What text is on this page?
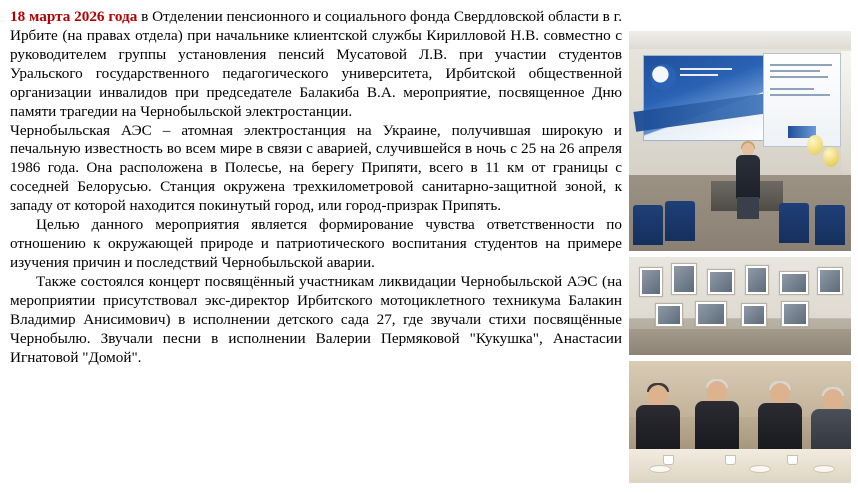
18 марта 2026 года в Отделении пенсионного и социального фонда Свердловской области в г. Ирбите (на правах отдела) при начальнике клиентской службы Кирилловой Н.В. совместно с руководителем группы установления пенсий Мусатовой Л.В. при участии студентов Уральского государственного педагогического университета, Ирбитской общественной организации инвалидов при председателе Балакиба В.А. мероприятие, посвященное Дню памяти трагедии на Чернобыльской электростанции.

Чернобыльская АЭС – атомная электростанция на Украине, получившая широкую и печальную известность во всем мире в связи с аварией, случившейся в ночь с 25 на 26 апреля 1986 года. Она расположена в Полесье, на берегу Припяти, всего в 11 км от границы с соседней Белорусью. Станция окружена трехкилометровой санитарно-защитной зоной, к западу от которой находится покинутый город, или город-призрак Припять.

Целью данного мероприятия является формирование чувства ответственности по отношению к окружающей природе и патриотического воспитания студентов на примере изучения причин и последствий Чернобыльской аварии.

Также состоялся концерт посвящённый участникам ликвидации Чернобыльской АЭС (на мероприятии присутствовал экс-директор Ирбитского мотоциклетного техникума Балакин Владимир Анисимович) в исполнении детского сада 27, где звучали стихи посвящённые Чернобылю. Звучали песни в исполнении Валерии Пермяковой "Кукушка", Анастасии Игнатовой "Домой".
